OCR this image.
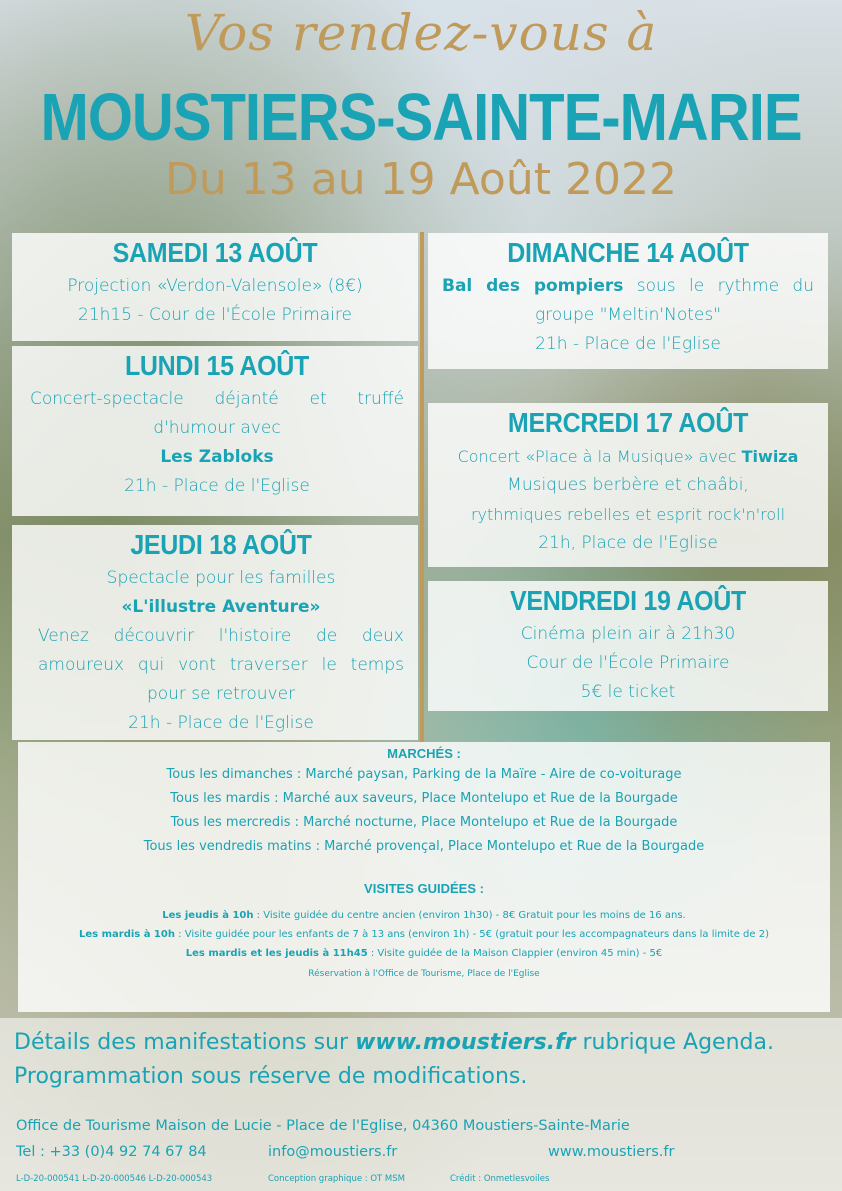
Vos rendez-vous à
MOUSTIERS-SAINTE-MARIE
Du 13 au 19 Août 2022
SAMEDI 13 AOÛT

Projection «Verdon-Valensole» (8€)

21h15 - Cour de l'École Primaire

DIMANCHE 14 AOÛT

Bal des pompiers sous le rythme du groupe "Meltin'Notes"

21h - Place de l'Eglise

LUNDI 15 AOÛT

Concert-spectacle déjanté et truffé d'humour avec

Les Zabloks

21h - Place de l'Eglise

MERCREDI 17 AOÛT

Concert «Place à la Musique» avec Tiwiza

Musiques berbère et chaâbi,

rythmiques rebelles et esprit rock'n'roll

21h, Place de l'Eglise

JEUDI 18 AOÛT

Spectacle pour les familles

«L'illustre Aventure»

Venez découvrir l'histoire de deux amoureux qui vont traverser le temps pour se retrouver

21h - Place de l'Eglise

VENDREDI 19 AOÛT

Cinéma plein air à 21h30

Cour de l'École Primaire

5€ le ticket

MARCHÉS :
Tous les dimanches : Marché paysan, Parking de la Maïre - Aire de co-voiturage
Tous les mardis : Marché aux saveurs, Place Montelupo et Rue de la Bourgade
Tous les mercredis : Marché nocturne, Place Montelupo et Rue de la Bourgade
Tous les vendredis matins : Marché provençal, Place Montelupo et Rue de la Bourgade
VISITES GUIDÉES :
Les jeudis à 10h : Visite guidée du centre ancien (environ 1h30) - 8€ Gratuit pour les moins de 16 ans.
Les mardis à 10h : Visite guidée pour les enfants de 7 à 13 ans (environ 1h) - 5€ (gratuit pour les accompagnateurs dans la limite de 2)
Les mardis et les jeudis à 11h45 : Visite guidée de la Maison Clappier (environ 45 min) - 5€
Réservation à l'Office de Tourisme, Place de l'Eglise
Détails des manifestations sur www.moustiers.fr rubrique Agenda.
Programmation sous réserve de modifications.
Office de Tourisme Maison de Lucie - Place de l'Eglise, 04360 Moustiers-Sainte-Marie
Tel : +33 (0)4 92 74 67 84	info@moustiers.fr	www.moustiers.fr
L-D-20-000541 L-D-20-000546 L-D-20-000543	Conception graphique : OT MSM	Crédit : Onmetlesvoiles
